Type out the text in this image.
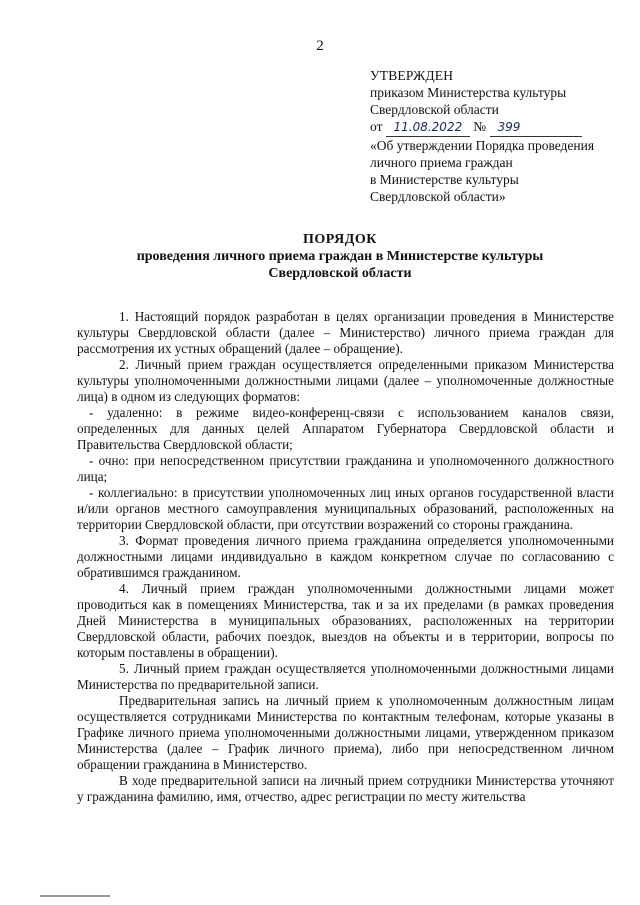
2
УТВЕРЖДЕН
приказом Министерства культуры
Свердловской области
от 11.08.2022 № 399
«Об утверждении Порядка проведения
личного приема граждан
в Министерстве культуры
Свердловской области»
ПОРЯДОК
проведения личного приема граждан в Министерстве культуры
Свердловской области

1. Настоящий порядок разработан в целях организации проведения в Министерстве культуры Свердловской области (далее – Министерство) личного приема граждан для рассмотрения их устных обращений (далее – обращение).

2. Личный прием граждан осуществляется определенными приказом Министерства культуры уполномоченными должностными лицами (далее – уполномоченные должностные лица) в одном из следующих форматов:

- удаленно: в режиме видео-конференц-связи с использованием каналов связи, определенных для данных целей Аппаратом Губернатора Свердловской области и Правительства Свердловской области;

- очно: при непосредственном присутствии гражданина и уполномоченного должностного лица;

- коллегиально: в присутствии уполномоченных лиц иных органов государственной власти и/или органов местного самоуправления муниципальных образований, расположенных на территории Свердловской области, при отсутствии возражений со стороны гражданина.

3. Формат проведения личного приема гражданина определяется уполномоченными должностными лицами индивидуально в каждом конкретном случае по согласованию с обратившимся гражданином.

4. Личный прием граждан уполномоченными должностными лицами может проводиться как в помещениях Министерства, так и за их пределами (в рамках проведения Дней Министерства в муниципальных образованиях, расположенных на территории Свердловской области, рабочих поездок, выездов на объекты и в территории, вопросы по которым поставлены в обращении).

5. Личный прием граждан осуществляется уполномоченными должностными лицами Министерства по предварительной записи.

Предварительная запись на личный прием к уполномоченным должностным лицам осуществляется сотрудниками Министерства по контактным телефонам, которые указаны в Графике личного приема уполномоченными должностными лицами, утвержденном приказом Министерства (далее – График личного приема), либо при непосредственном личном обращении гражданина в Министерство.

В ходе предварительной записи на личный прием сотрудники Министерства уточняют у гражданина фамилию, имя, отчество, адрес регистрации по месту жительства
